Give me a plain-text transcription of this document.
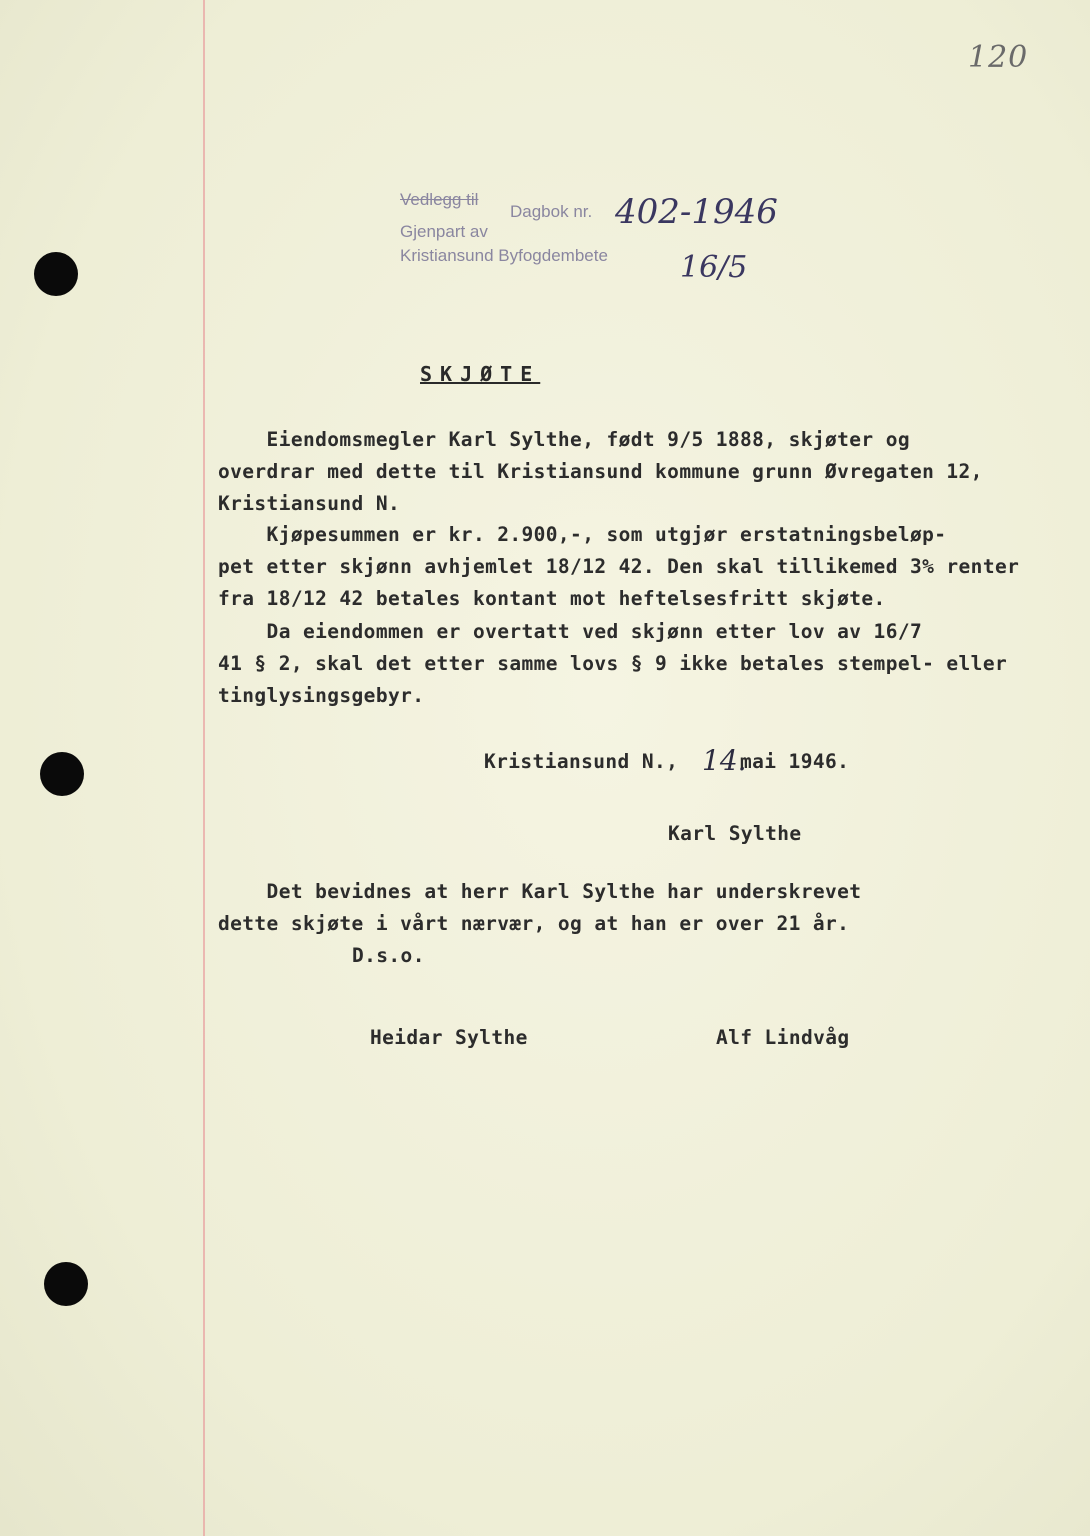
120
Vedlegg til
Dagbok nr.
Gjenpart av
Kristiansund Byfogdembete
402-1946
16/5
SKJØTE
Eiendomsmegler Karl Sylthe, født 9/5 1888, skjøter og
overdrar med dette til Kristiansund kommune grunn Øvregaten 12,
Kristiansund N.
Kjøpesummen er kr. 2.900,-, som utgjør erstatningsbeløp-
pet etter skjønn avhjemlet 18/12 42. Den skal tillikemed 3% renter
fra 18/12 42 betales kontant mot heftelsesfritt skjøte.
Da eiendommen er overtatt ved skjønn etter lov av 16/7
41 § 2, skal det etter samme lovs § 9 ikke betales stempel- eller
tinglysingsgebyr.
Kristiansund N., 14.
mai 1946.
Karl Sylthe
Det bevidnes at herr Karl Sylthe har underskrevet
dette skjøte i vårt nærvær, og at han er over 21 år.
D.s.o.
Heidar Sylthe	Alf Lindvåg
